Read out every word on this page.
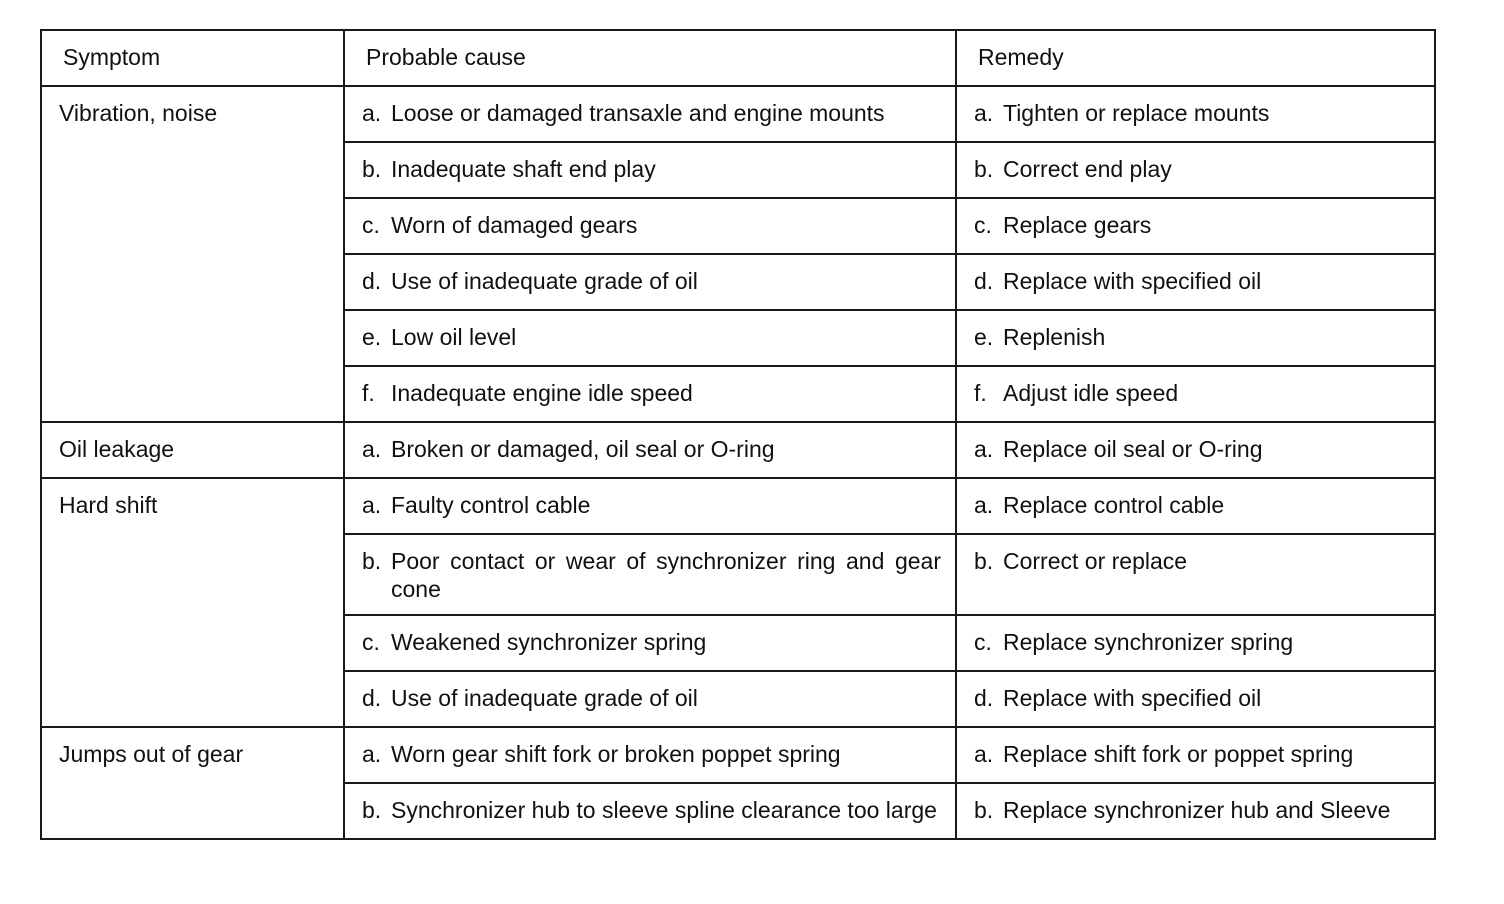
Symptom	Probable cause	Remedy

Vibration, noise	a. Loose or damaged transaxle and engine mounts	a. Tighten or replace mounts

	b. Inadequate shaft end play	b. Correct end play

	c. Worn of damaged gears	c. Replace gears

	d. Use of inadequate grade of oil	d. Replace with specified oil

	e. Low oil level	e. Replenish

	f. Inadequate engine idle speed	f. Adjust idle speed

Oil leakage	a. Broken or damaged, oil seal or O-ring	a. Replace oil seal or O-ring

Hard shift	a. Faulty control cable	a. Replace control cable

	b. Poor contact or wear of synchronizer ring and gear cone	b. Correct or replace

	c. Weakened synchronizer spring	c. Replace synchronizer spring

	d. Use of inadequate grade of oil	d. Replace with specified oil

Jumps out of gear	a. Worn gear shift fork or broken poppet spring	a. Replace shift fork or poppet spring

	b. Synchronizer hub to sleeve spline clearance too large	b. Replace synchronizer hub and Sleeve
